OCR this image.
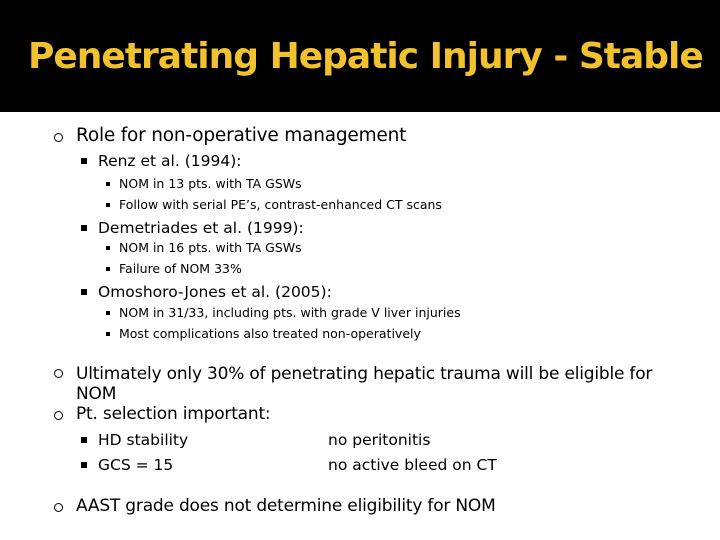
Penetrating Hepatic Injury - Stable

Role for non-operative management

Renz et al. (1994):

NOM in 13 pts. with TA GSWs

Follow with serial PE’s, contrast-enhanced CT scans

Demetriades et al. (1999):

NOM in 16 pts. with TA GSWs

Failure of NOM 33%

Omoshoro-Jones et al. (2005):

NOM in 31/33, including pts. with grade V liver injuries

Most complications also treated non-operatively

Ultimately only 30% of penetrating hepatic trauma will be eligible for NOM

Pt. selection important:

HD stability	no peritonitis

GCS = 15	no active bleed on CT

AAST grade does not determine eligibility for NOM
